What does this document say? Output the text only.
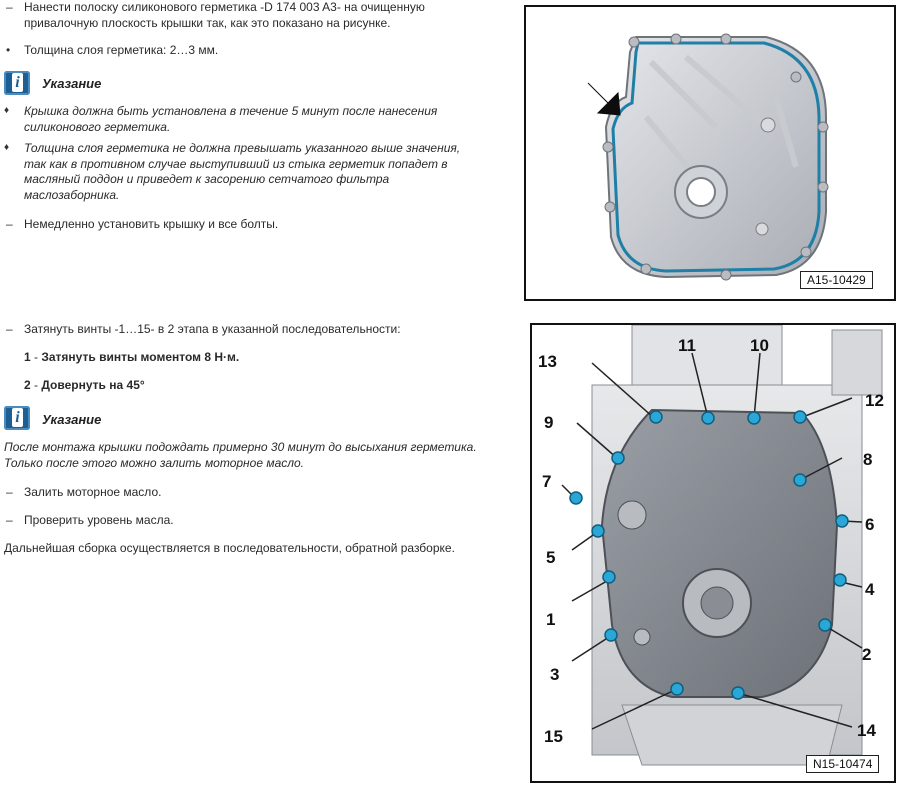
– Нанести полоску силиконового герметика -D 174 003 A3- на очищенную
привалочную плоскость крышки так, как это показано на рисунке.
• Толщина слоя герметика: 2…3 мм.
i Указание
♦ Крышка должна быть установлена в течение 5 минут после нанесения
силиконового герметика.
♦ Толщина слоя герметика не должна превышать указанного выше значения,
так как в противном случае выступивший из стыка герметик попадет в
масляный поддон и приведет к засорению сетчатого фильтра
маслозаборника.
– Немедленно установить крышку и все болты.
– Затянуть винты -1…15- в 2 этапа в указанной последовательности:
1 - Затянуть винты моментом 8 Н·м.
2 - Довернуть на 45°
i Указание
После монтажа крышки подождать примерно 30 минут до высыхания герметика.
Только после этого можно залить моторное масло.
– Залить моторное масло.
– Проверить уровень масла.
Дальнейшая сборка осуществляется в последовательности, обратной разборке.
A15-10429
1
2
3
4
5
6
7
8
9
10
11
12
13
14
15
N15-10474
